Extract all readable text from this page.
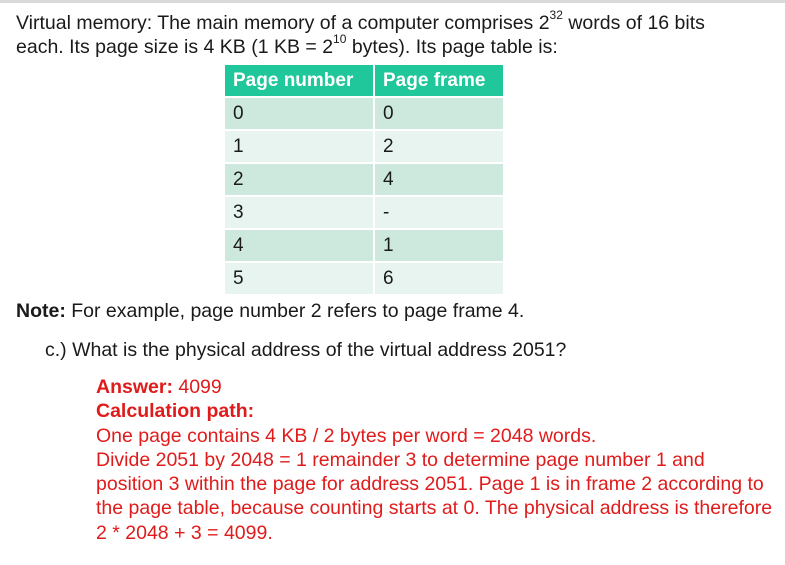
Virtual memory: The main memory of a computer comprises $2^{32}$ words of 16 bits
each. Its page size is 4 KB (1 KB = $2^{10}$ bytes). Its page table is:
Page number	Page frame
0	0
1	2
2	4
3	-
4	1
5	6
Note: For example, page number 2 refers to page frame 4.
c.) What is the physical address of the virtual address 2051?

Answer: 4099

Calculation path:

One page contains 4 KB / 2 bytes per word = 2048 words.

Divide 2051 by 2048 = 1 remainder 3 to determine page number 1 and position 3 within the page for address 2051. Page 1 is in frame 2 according to the page table, because counting starts at 0. The physical address is therefore 2 * 2048 + 3 = 4099.
